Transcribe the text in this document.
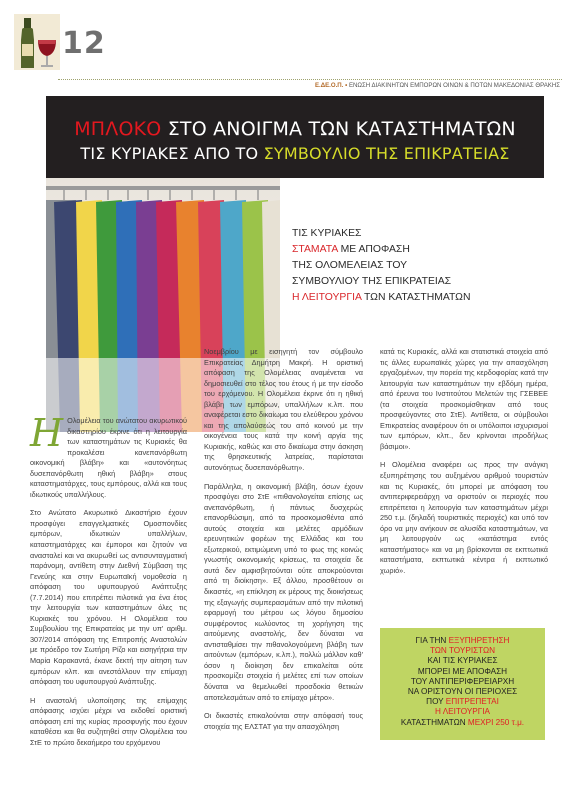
12
Ε.ΔΕ.Ο.Π. • ΕΝΩΣΗ ΔΙΑΚΙΝΗΤΩΝ ΕΜΠΟΡΩΝ ΟΙΝΩΝ & ΠΟΤΩΝ ΜΑΚΕΔΟΝΙΑΣ ΘΡΑΚΗΣ
ΜΠΛΟΚΟ ΣΤΟ ΑΝΟΙΓΜΑ ΤΩΝ ΚΑΤΑΣΤΗΜΑΤΩΝ
ΤΙΣ ΚΥΡΙΑΚΕΣ ΑΠΟ ΤΟ ΣΥΜΒΟΥΛΙΟ ΤΗΣ ΕΠΙΚΡΑΤΕΙΑΣ
ΤΙΣ ΚΥΡΙΑΚΕΣ
ΣΤΑΜΑΤΑ ΜΕ ΑΠΟΦΑΣΗ
ΤΗΣ ΟΛΟΜΕΛΕΙΑΣ ΤΟΥ
ΣΥΜΒΟΥΛΙΟΥ ΤΗΣ ΕΠΙΚΡΑΤΕΙΑΣ
Η ΛΕΙΤΟΥΡΓΙΑ ΤΩΝ ΚΑΤΑΣΤΗΜΑΤΩΝ

Η Ολομέλεια του ανώτατου ακυρωτικού δικαστηρίου έκρινε ότι η λειτουργία των καταστημάτων τις Κυριακές θα προκαλέσει κανεπανόρθωτη οικονομική βλάβη» και «αυτονόητως δυσεπανόρθωτη ηθική βλάβη» στους καταστηματάρχες, τους εμπόρους, αλλά και τους ιδιωτικούς υπαλλήλους.

Στο Ανώτατο Ακυρωτικό Δικαστήριο έχουν προσφύγει επαγγελματικές Ομοσπονδίες εμπόρων, ιδιωτικών υπαλλήλων, καταστηματάρχες και έμποροι και ζητούν να ανασταλεί και να ακυρωθεί ως αντισυνταγματική παράνομη, αντίθετη στην Διεθνή Σύμβαση της Γενεύης και στην Ευρωπαϊκή νομοθεσία η απόφαση του υφυπουργού Ανάπτυξης (7.7.2014) που επιτρέπει πιλοτικά για ένα έτος την λειτουργία των καταστημάτων όλες τις Κυριακές του χρόνου. Η Ολομέλεια του Συμβουλίου της Επικρατείας με την υπ' αριθμ. 307/2014 απόφαση της Επιτροπής Αναστολών με πρόεδρο τον Σωτήρη Ρίζο και εισηγήτρια την Μαρία Καρακαντά, έκανε δεκτή την αίτηση των εμπόρων κλπ. και ανεστάλλουν την επίμαχη απόφαση του υφυπουργού Ανάπτυξης.

Η αναστολή υλοποίησης της επίμαχης απόφασης ισχύει μέχρι να εκδοθεί οριστική απόφαση επί της κυρίας προσφυγής που έχουν καταθέσει και θα συζητηθεί στην Ολομέλεια του ΣτΕ το πρώτο δεκαήμερο του ερχόμενου

Νοεμβρίου με εισηγητή τον σύμβουλο Επικρατείας Δημήτρη Μακρή. Η οριστική απόφαση της Ολομέλειας αναμένεται να δημοσιευθεί στο τέλος του έτους ή με την είσοδο του ερχόμενου. Η Ολομέλεια έκρινε ότι η ηθική βλάβη των εμπόρων, υπαλλήλων κ.λπ. που αναφέρεται εστο δικαίωμα του ελεύθερου χρόνου και της απολαύσεώς του από κοινού με την οικογένεια τους κατά την κοινή αργία της Κυριακής, καθώς και στο δικαίωμα στην άσκηση της θρησκευτικής λατρείας, παρίσταται αυτονόητως δυσεπανόρθωτη».

Παράλληλα, η οικονομική βλάβη, όσων έχουν προσφύγει στο ΣτΕ «πιθανολογείται επίσης ως ανεπανόρθωτη, ή πάντως δυσχερώς επανορθώσιμη, από τα προσκομισθέντα από αυτούς στοιχεία και μελέτες αρμόδιων ερευνητικών φορέων της Ελλάδας και του εξωτερικού, εκτιμώμενη υπό το φως της κοινώς γνωστής οικονομικής κρίσεως, τα στοιχεία δε αυτά δεν αμφισβητούνται ούτε αποκρούονται από τη διοίκηση». Εξ άλλου, προσθέτουν οι δικαστές, «η επίκληση εκ μέρους της διοικήσεως της εξαγωγής συμπερασμάτων από την πιλοτική εφαρμογή του μέτρου ως λόγου δημοσίου συμφέροντος κωλύοντος τη χορήγηση της αιτούμενης αναστολής, δεν δύναται να αντισταθμίσει την πιθανολογούμενη βλάβη των αιτούντων (εμπόρων, κ.λπ.), πολλώ μάλλον καθ' όσον η διοίκηση δεν επικαλείται ούτε προσκομίζει στοιχεία ή μελέτες επί των οποίων δύναται να θεμελιωθεί προσδοκία θετικών αποτελεσμάτων από το επίμαχο μέτρο».

Οι δικαστές επικαλούνται στην απόφασή τους στοιχεία της ΕΛΣΤΑΤ για την απασχόληση

κατά τις Κυριακές, αλλά και στατιστικά στοιχεία από τις άλλες ευρωπαϊκές χώρες για την απασχόληση εργαζομένων, την πορεία της κερδοφορίας κατά την λειτουργία των καταστημάτων την εβδόμη ημέρα, από έρευνα του Ινστιτούτου Μελετών της ΓΣΕΒΕΕ (τα στοιχεία προσκομίσθηκαν από τους προσφεύγοντες στο ΣτΕ). Αντίθετα, οι σύμβουλοι Επικρατείας αναφέρουν ότι οι υπόλοιποι ισχυρισμοί των εμπόρων, κλπ., δεν κρίνονται ιπροδήλως βάσιμοι».

Η Ολομέλεια αναφέρει ως προς την ανάγκη εξυπηρέτησης του αυξημένου αριθμού τουριστών και τις Κυριακές, ότι μπορεί με απόφαση του αντιπεριφερειάρχη να οριστούν οι περιοχές που επιτρέπεται η λειτουργία των καταστημάτων μέχρι 250 τ.μ. (δηλαδή τουριστικές περιοχές) και υπό τον όρο να μην ανήκουν σε αλυσίδα καταστημάτων, να μη λειτουργούν ως «κατάστημα εντός καταστήματος» και να μη βρίσκονται σε εκπτωτικά καταστήματα, εκπτωτικά κέντρα ή εκπτωτικό χωριό».

ΓΙΑ ΤΗΝ ΕΞΥΠΗΡΕΤΗΣΗ
ΤΩΝ ΤΟΥΡΙΣΤΩΝ
ΚΑΙ ΤΙΣ ΚΥΡΙΑΚΕΣ
ΜΠΟΡΕΙ ΜΕ ΑΠΟΦΑΣΗ
ΤΟΥ ΑΝΤΙΠΕΡΙΦΕΡΕΙΑΡΧΗ
ΝΑ ΟΡΙΣΤΟΥΝ ΟΙ ΠΕΡΙΟΧΕΣ
ΠΟΥ ΕΠΙΤΡΕΠΕΤΑΙ
Η ΛΕΙΤΟΥΡΓΙΑ
ΚΑΤΑΣΤΗΜΑΤΩΝ ΜΕΧΡΙ 250 τ.μ.
